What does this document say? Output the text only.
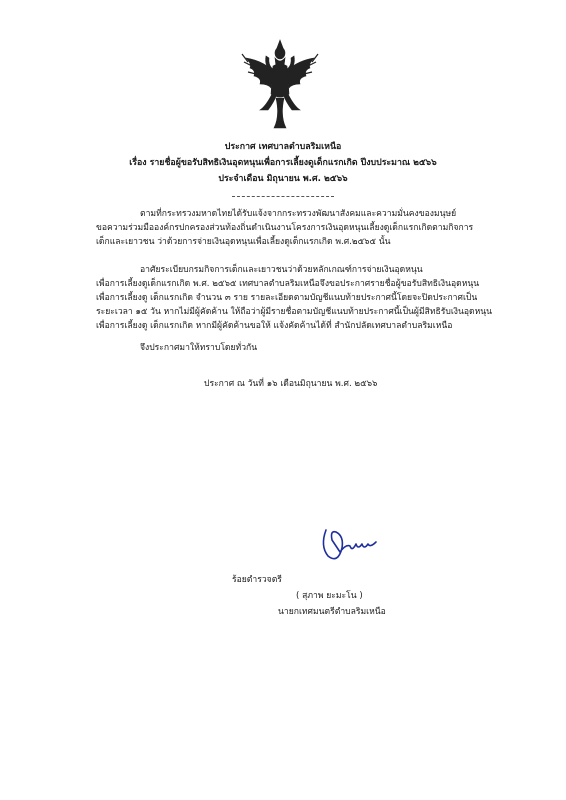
ประกาศ เทศบาลตำบลริมเหนือ
เรื่อง รายชื่อผู้ขอรับสิทธิเงินอุดหนุนเพื่อการเลี้ยงดูเด็กแรกเกิด ปีงบประมาณ ๒๕๖๖
ประจำเดือน มิถุนายน พ.ศ. ๒๕๖๖
ตามที่กระทรวงมหาดไทยได้รับแจ้งจากกระทรวงพัฒนาสังคมและความมั่นคงของมนุษย์
ขอความร่วมมือองค์กรปกครองส่วนท้องถิ่นดำเนินงานโครงการเงินอุดหนุนเลี้ยงดูเด็กแรกเกิดตามกิจการ
เด็กและเยาวชน ว่าด้วยการจ่ายเงินอุดหนุนเพื่อเลี้ยงดูเด็กแรกเกิด พ.ศ.๒๕๖๕ นั้น
อาศัยระเบียบกรมกิจการเด็กและเยาวชนว่าด้วยหลักเกณฑ์การจ่ายเงินอุดหนุน
เพื่อการเลี้ยงดูเด็กแรกเกิด พ.ศ. ๒๕๖๕ เทศบาลตำบลริมเหนือจึงขอประกาศรายชื่อผู้ขอรับสิทธิเงินอุดหนุน
เพื่อการเลี้ยงดู เด็กแรกเกิด จำนวน ๓ ราย รายละเอียดตามบัญชีแนบท้ายประกาศนี้โดยจะปิดประกาศเป็น
ระยะเวลา ๑๕ วัน หากไม่มีผู้คัดค้าน ให้ถือว่าผู้มีรายชื่อตามบัญชีแนบท้ายประกาศนี้เป็นผู้มีสิทธิรับเงินอุดหนุน
เพื่อการเลี้ยงดู เด็กแรกเกิด หากมีผู้คัดค้านขอให้ แจ้งคัดค้านได้ที่ สำนักปลัดเทศบาลตำบลริมเหนือ
จึงประกาศมาให้ทราบโดยทั่วกัน
ประกาศ ณ วันที่ ๑๖ เดือนมิถุนายน พ.ศ. ๒๕๖๖
ร้อยตำรวจตรี
( สุภาพ ยะมะโน )
นายกเทศมนตรีตำบลริมเหนือ
